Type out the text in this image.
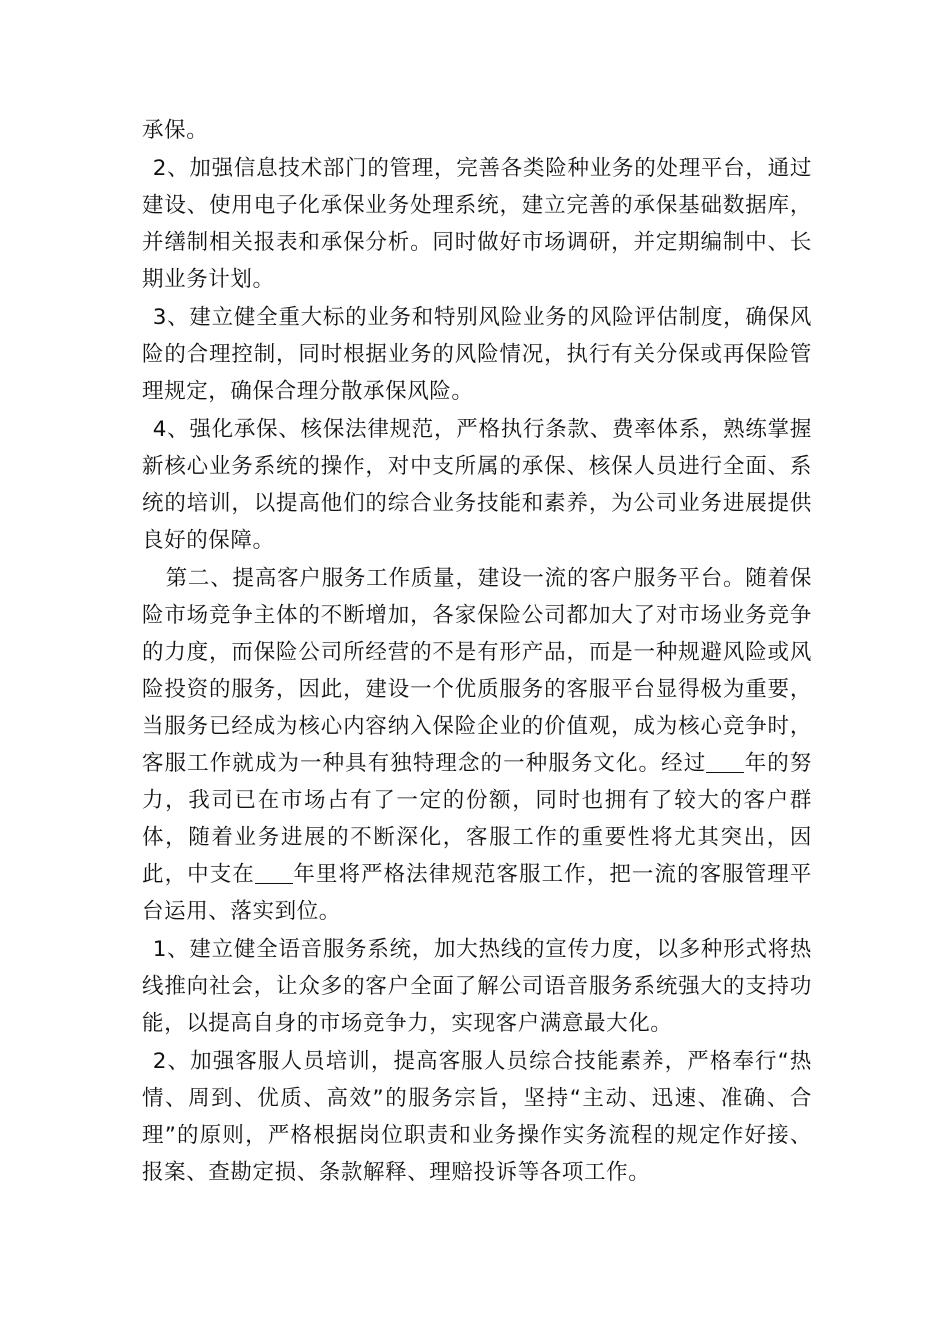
承保。

2、加强信息技术部门的管理，完善各类险种业务的处理平台，通过建设、使用电子化承保业务处理系统，建立完善的承保基础数据库，并缮制相关报表和承保分析。同时做好市场调研，并定期编制中、长期业务计划。

3、建立健全重大标的业务和特别风险业务的风险评估制度，确保风险的合理控制，同时根据业务的风险情况，执行有关分保或再保险管理规定，确保合理分散承保风险。

4、强化承保、核保法律规范，严格执行条款、费率体系，熟练掌握新核心业务系统的操作，对中支所属的承保、核保人员进行全面、系统的培训，以提高他们的综合业务技能和素养，为公司业务进展提供良好的保障。

第二、提高客户服务工作质量，建设一流的客户服务平台。随着保险市场竞争主体的不断增加，各家保险公司都加大了对市场业务竞争的力度，而保险公司所经营的不是有形产品，而是一种规避风险或风险投资的服务，因此，建设一个优质服务的客服平台显得极为重要，当服务已经成为核心内容纳入保险企业的价值观，成为核心竞争时，客服工作就成为一种具有独特理念的一种服务文化。经过 年的努力，我司已在市场占有了一定的份额，同时也拥有了较大的客户群体，随着业务进展的不断深化，客服工作的重要性将尤其突出，因此，中支在 年里将严格法律规范客服工作，把一流的客服管理平台运用、落实到位。

1、建立健全语音服务系统，加大热线的宣传力度，以多种形式将热线推向社会，让众多的客户全面了解公司语音服务系统强大的支持功能，以提高自身的市场竞争力，实现客户满意最大化。

2、加强客服人员培训，提高客服人员综合技能素养，严格奉行“热情、周到、优质、高效”的服务宗旨，坚持“主动、迅速、准确、合理”的原则，严格根据岗位职责和业务操作实务流程的规定作好接、报案、查勘定损、条款解释、理赔投诉等各项工作。
